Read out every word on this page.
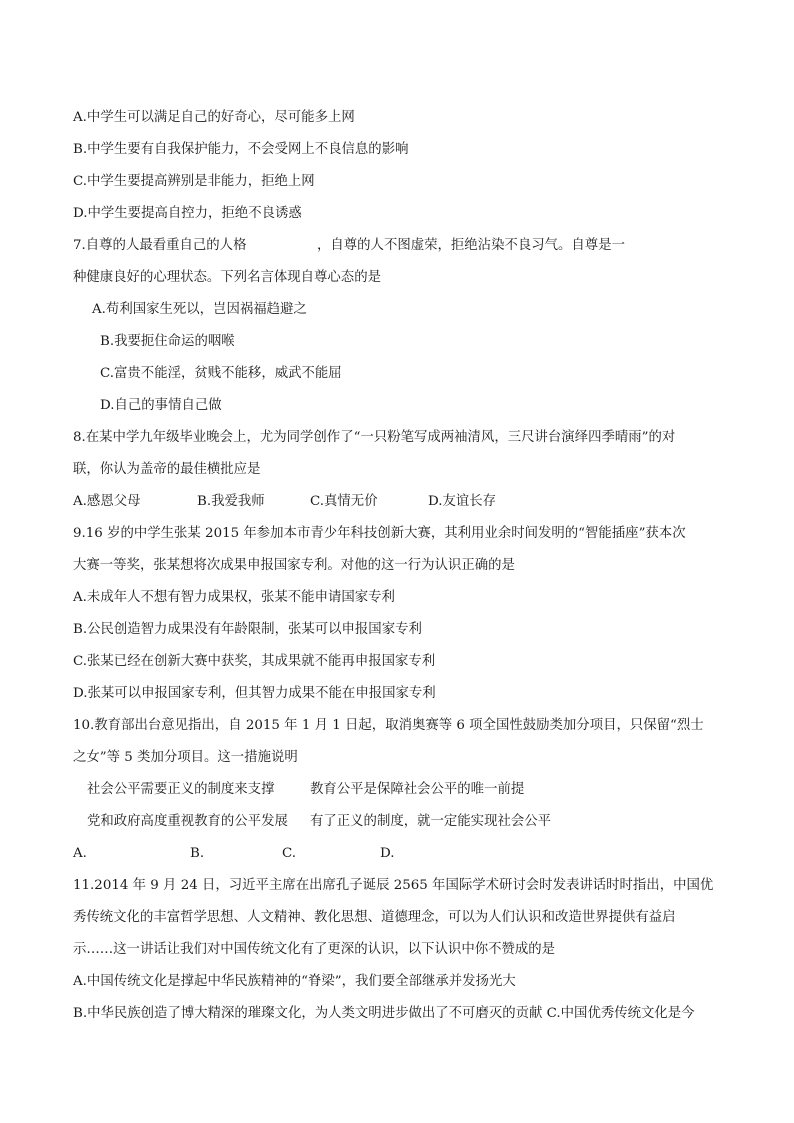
A.中学生可以满足自己的好奇心，尽可能多上网
B.中学生要有自我保护能力，不会受网上不良信息的影响
C.中学生要提高辨别是非能力，拒绝上网
D.中学生要提高自控力，拒绝不良诱惑
7.自尊的人最看重自己的人格	，自尊的人不图虚荣，拒绝沾染不良习气。自尊是一
种健康良好的心理状态。下列名言体现自尊心态的是
A.苟利国家生死以，岂因祸福趋避之
B.我要扼住命运的咽喉
C.富贵不能淫，贫贱不能移，威武不能屈
D.自己的事情自己做
8.在某中学九年级毕业晚会上，尤为同学创作了“一只粉笔写成两袖清风，三尺讲台演绎四季晴雨”的对
联，你认为盖帝的最佳横批应是
A.感恩父母	B.我爱我师	C.真情无价	D.友谊长存
9.16 岁的中学生张某 2015 年参加本市青少年科技创新大赛，其利用业余时间发明的“智能插座”获本次
大赛一等奖，张某想将次成果申报国家专利。对他的这一行为认识正确的是
A.未成年人不想有智力成果权，张某不能申请国家专利
B.公民创造智力成果没有年龄限制，张某可以申报国家专利
C.张某已经在创新大赛中获奖，其成果就不能再申报国家专利
D.张某可以申报国家专利，但其智力成果不能在申报国家专利
10.教育部出台意见指出，自 2015 年 1 月 1 日起，取消奥赛等 6 项全国性鼓励类加分项目，只保留“烈士
之女”等 5 类加分项目。这一措施说明
社会公平需要正义的制度来支撑	教育公平是保障社会公平的唯一前提
党和政府高度重视教育的公平发展 有了正义的制度，就一定能实现社会公平
A.	B.	C.	D.
11.2014 年 9 月 24 日，习近平主席在出席孔子诞辰 2565 年国际学术研讨会时发表讲话时时指出，中国优
秀传统文化的丰富哲学思想、人文精神、教化思想、道德理念，可以为人们认识和改造世界提供有益启
示……这一讲话让我们对中国传统文化有了更深的认识，以下认识中你不赞成的是
A.中国传统文化是撑起中华民族精神的“脊梁”，我们要全部继承并发扬光大
B.中华民族创造了博大精深的璀璨文化，为人类文明进步做出了不可磨灭的贡献 C.中国优秀传统文化是今
